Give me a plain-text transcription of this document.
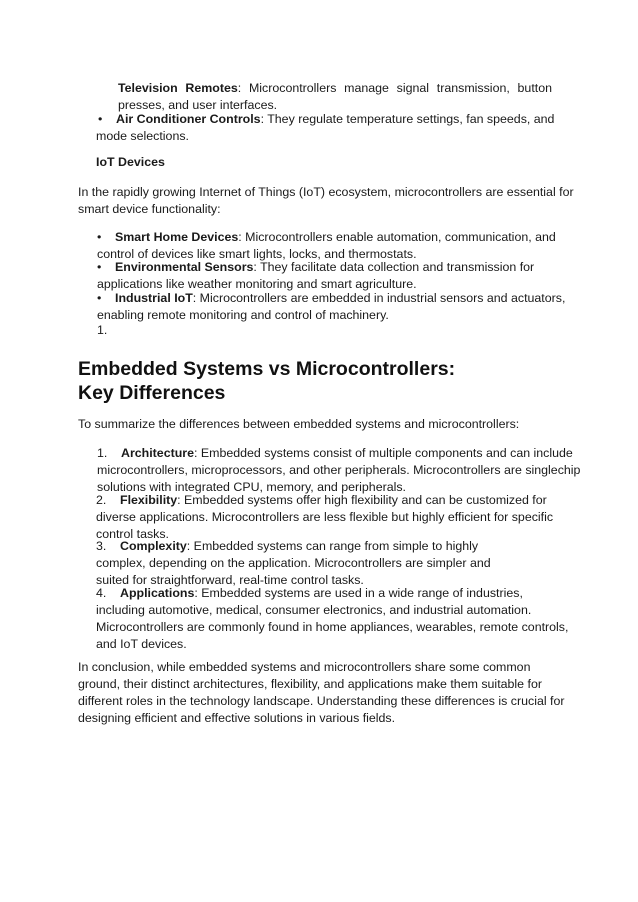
Television Remotes: Microcontrollers manage signal transmission, button
presses, and user interfaces.
• Air Conditioner Controls: They regulate temperature settings, fan speeds, and
mode selections.
IoT Devices
In the rapidly growing Internet of Things (IoT) ecosystem, microcontrollers are essential for
smart device functionality:
• Smart Home Devices: Microcontrollers enable automation, communication, and
control of devices like smart lights, locks, and thermostats.
• Environmental Sensors: They facilitate data collection and transmission for
applications like weather monitoring and smart agriculture.
• Industrial IoT: Microcontrollers are embedded in industrial sensors and actuators,
enabling remote monitoring and control of machinery.
1.
Embedded Systems vs Microcontrollers:
Key Differences
To summarize the differences between embedded systems and microcontrollers:
1. Architecture: Embedded systems consist of multiple components and can include
microcontrollers, microprocessors, and other peripherals. Microcontrollers are singlechip
solutions with integrated CPU, memory, and peripherals.
2. Flexibility: Embedded systems offer high flexibility and can be customized for
diverse applications. Microcontrollers are less flexible but highly efficient for specific
control tasks.
3. Complexity: Embedded systems can range from simple to highly
complex, depending on the application. Microcontrollers are simpler and
suited for straightforward, real-time control tasks.
4. Applications: Embedded systems are used in a wide range of industries,
including automotive, medical, consumer electronics, and industrial automation.
Microcontrollers are commonly found in home appliances, wearables, remote controls,
and IoT devices.
In conclusion, while embedded systems and microcontrollers share some common
ground, their distinct architectures, flexibility, and applications make them suitable for
different roles in the technology landscape. Understanding these differences is crucial for
designing efficient and effective solutions in various fields.
